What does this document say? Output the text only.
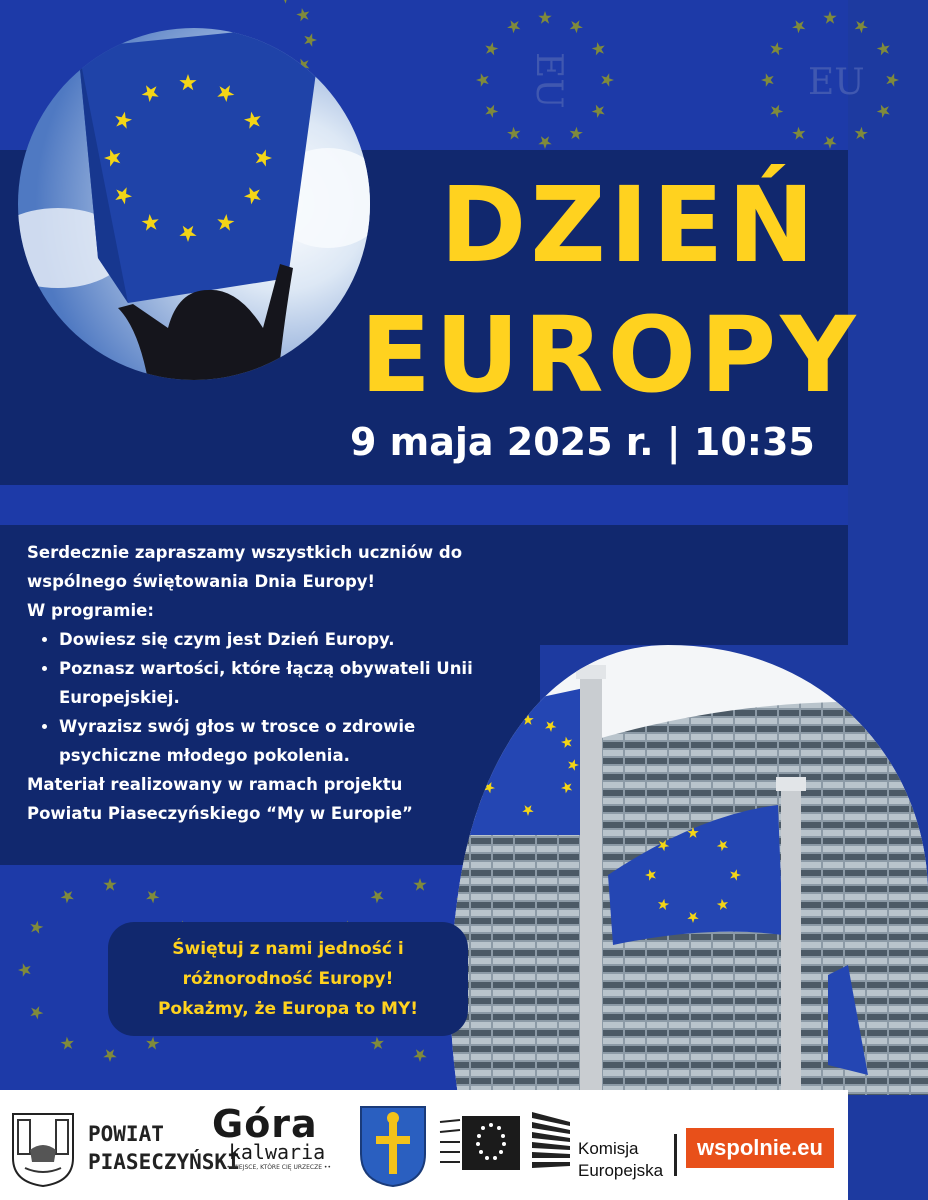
EU	EU
DZIEŃ
EUROPY
9 maja 2025 r. | 10:35

Serdecznie zapraszamy wszystkich uczniów do wspólnego świętowania Dnia Europy!

W programie:

• Dowiesz się czym jest Dzień Europy.
• Poznasz wartości, które łączą obywateli Unii Europejskiej.
• Wyrazisz swój głos w trosce o zdrowie psychiczne młodego pokolenia.

Materiał realizowany w ramach projektu Powiatu Piaseczyńskiego “My w Europie”

Świętuj z nami jedność i
różnorodność Europy!
Pokażmy, że Europa to MY!
POWIAT
PIASECZYŃSKI
Góra
kalwaria
•• MIEJSCE, KTÓRE CIĘ URZECZE ••
Komisja
Europejska
wspolnie.eu
